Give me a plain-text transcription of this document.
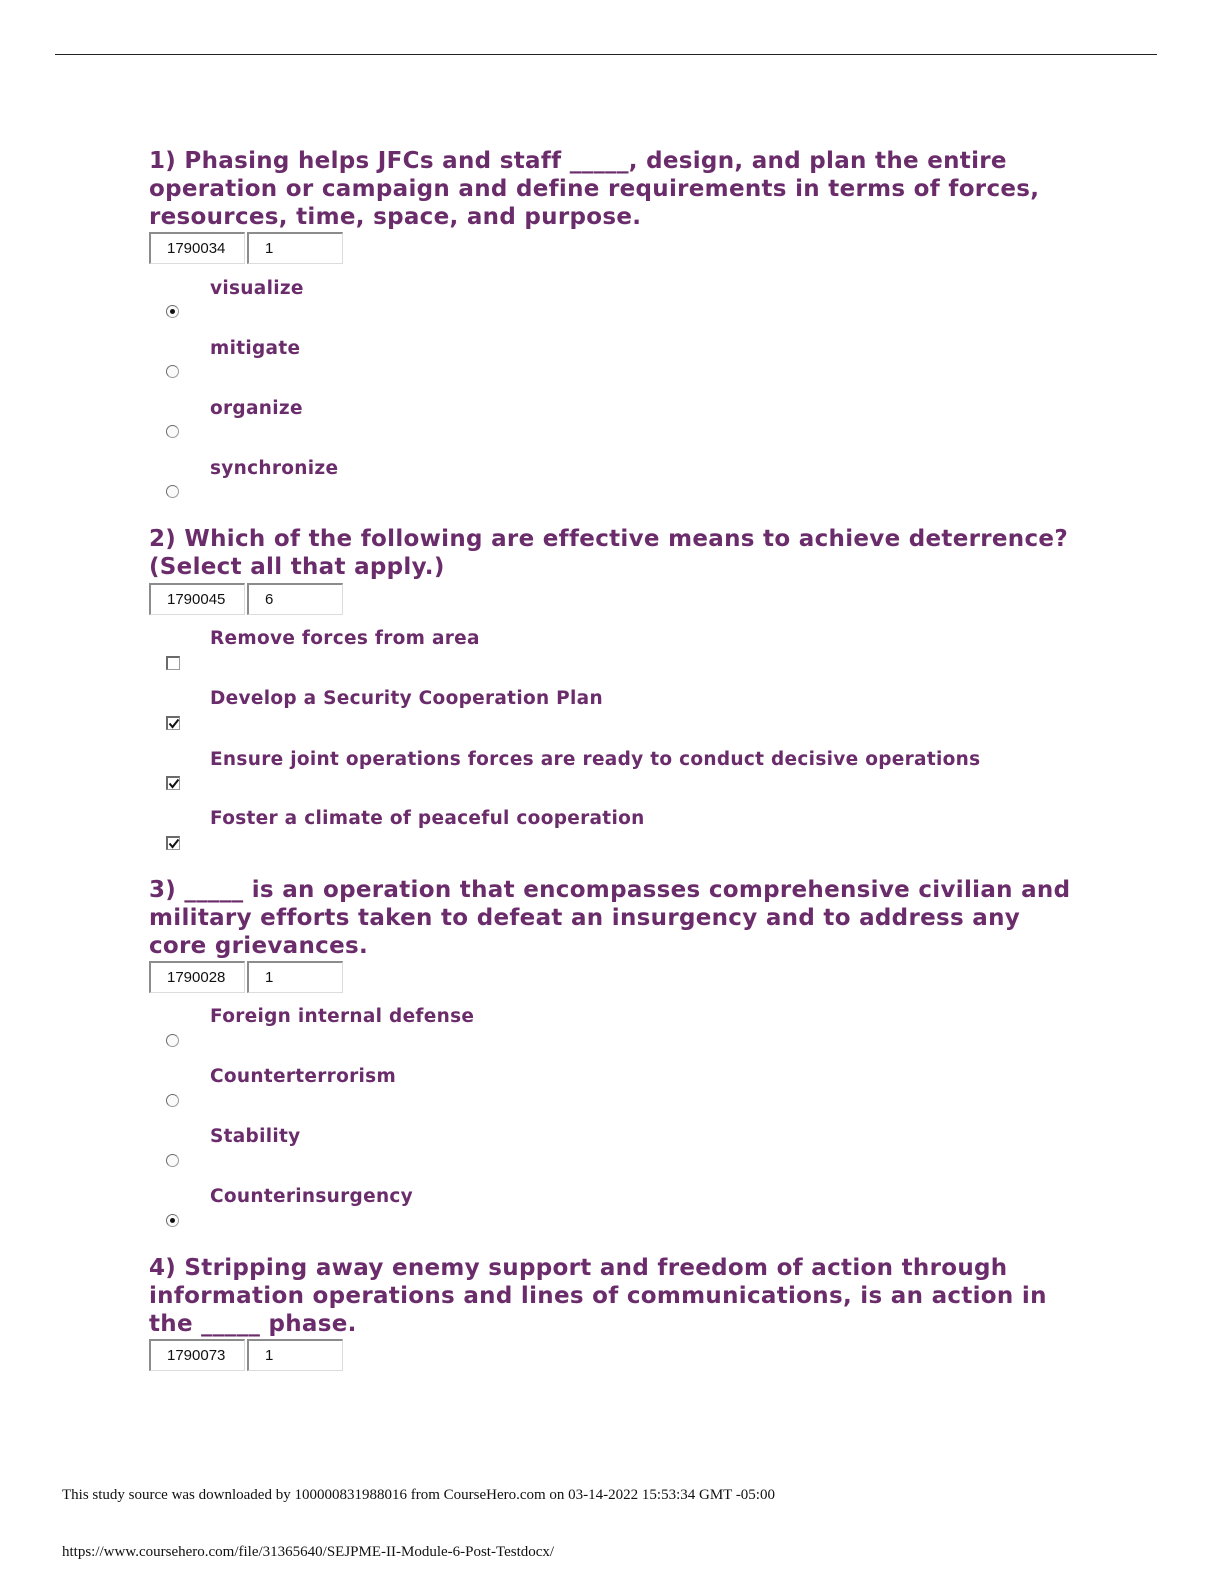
1) Phasing helps JFCs and staff _____, design, and plan the entire operation or campaign and define requirements in terms of forces, resources, time, space, and purpose.

1790034	1

visualize

mitigate

organize

synchronize

2) Which of the following are effective means to achieve deterrence? (Select all that apply.)

1790045	6

Remove forces from area

Develop a Security Cooperation Plan

Ensure joint operations forces are ready to conduct decisive operations

Foster a climate of peaceful cooperation

3) _____ is an operation that encompasses comprehensive civilian and military efforts taken to defeat an insurgency and to address any core grievances.

1790028	1

Foreign internal defense

Counterterrorism

Stability

Counterinsurgency

4) Stripping away enemy support and freedom of action through information operations and lines of communications, is an action in the _____ phase.

1790073	1

This study source was downloaded by 100000831988016 from CourseHero.com on 03-14-2022 15:53:34 GMT -05:00

https://www.coursehero.com/file/31365640/SEJPME-II-Module-6-Post-Testdocx/
